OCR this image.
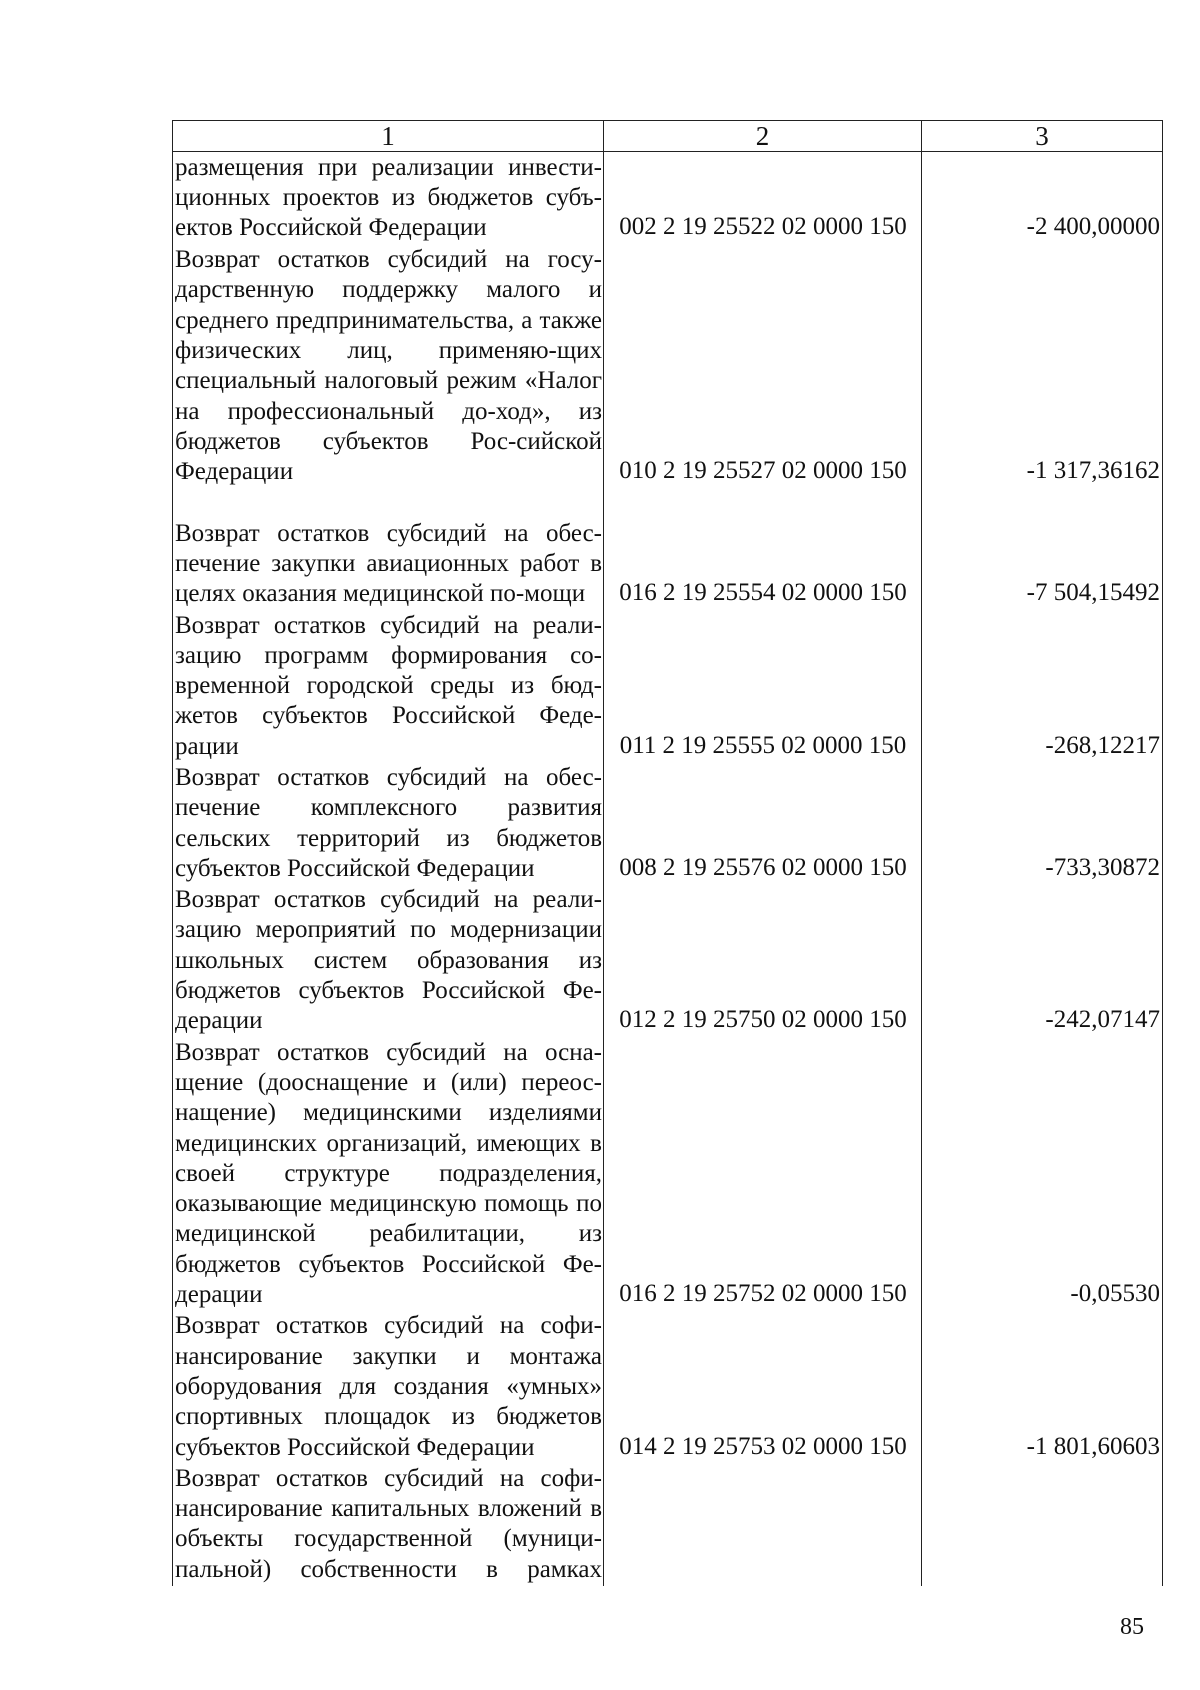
1	2	3
размещения при реализации инвести-ционных проектов из бюджетов субъ-ектов Российской Федерации	002 2 19 25522 02 0000 150	-2 400,00000
Возврат остатков субсидий на госу-дарственную поддержку малого и среднего предпринимательства, а также физических лиц, применяю-щих специальный налоговый режим «Налог на профессиональный до-ход», из бюджетов субъектов Рос-сийской Федерации	010 2 19 25527 02 0000 150	-1 317,36162
Возврат остатков субсидий на обес-печение закупки авиационных работ в целях оказания медицинской по-мощи	016 2 19 25554 02 0000 150	-7 504,15492
Возврат остатков субсидий на реали-зацию программ формирования со-временной городской среды из бюд-жетов субъектов Российской Феде-рации	011 2 19 25555 02 0000 150	-268,12217
Возврат остатков субсидий на обес-печение комплексного развития сельских территорий из бюджетов субъектов Российской Федерации	008 2 19 25576 02 0000 150	-733,30872
Возврат остатков субсидий на реали-зацию мероприятий по модернизации школьных систем образования из бюджетов субъектов Российской Фе-дерации	012 2 19 25750 02 0000 150	-242,07147
Возврат остатков субсидий на осна-щение (дооснащение и (или) переос-нащение) медицинскими изделиями медицинских организаций, имеющих в своей структуре подразделения, оказывающие медицинскую помощь по медицинской реабилитации, из бюджетов субъектов Российской Фе-дерации	016 2 19 25752 02 0000 150	-0,05530
Возврат остатков субсидий на софи-нансирование закупки и монтажа оборудования для создания «умных» спортивных площадок из бюджетов субъектов Российской Федерации	014 2 19 25753 02 0000 150	-1 801,60603
Возврат остатков субсидий на софи-нансирование капитальных вложений в объекты государственной (муници-пальной) собственности в рамках		
85
